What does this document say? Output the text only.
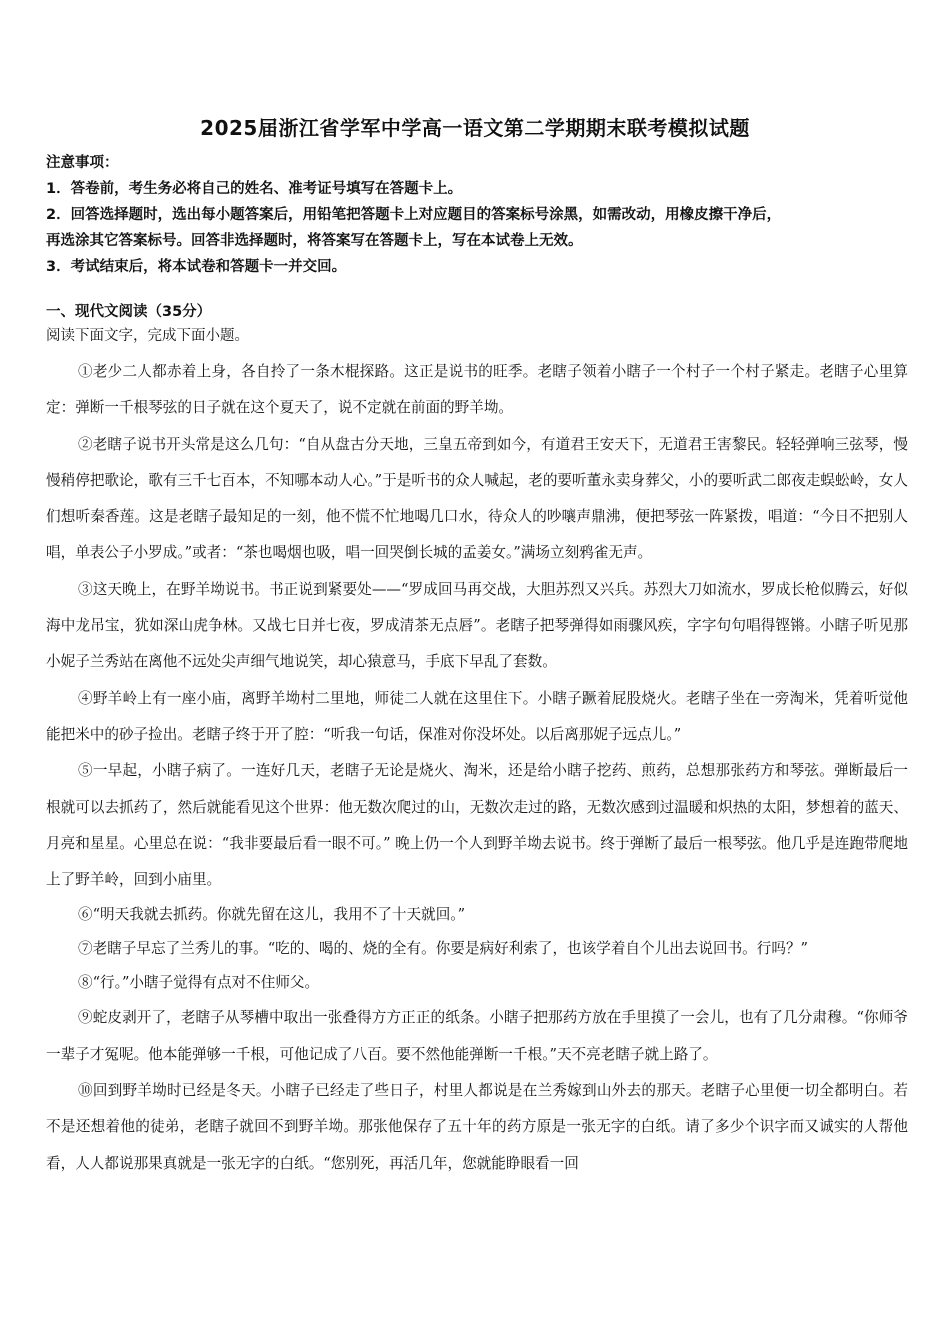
2025届浙江省学军中学高一语文第二学期期末联考模拟试题
注意事项：
1．答卷前，考生务必将自己的姓名、准考证号填写在答题卡上。
2．回答选择题时，选出每小题答案后，用铅笔把答题卡上对应题目的答案标号涂黑，如需改动，用橡皮擦干净后，
再选涂其它答案标号。回答非选择题时，将答案写在答题卡上，写在本试卷上无效。
3．考试结束后，将本试卷和答题卡一并交回。
一、现代文阅读（35分）
阅读下面文字，完成下面小题。

①老少二人都赤着上身，各自拎了一条木棍探路。这正是说书的旺季。老瞎子领着小瞎子一个村子一个村子紧走。老瞎子心里算定：弹断一千根琴弦的日子就在这个夏天了，说不定就在前面的野羊坳。

②老瞎子说书开头常是这么几句：“自从盘古分天地，三皇五帝到如今，有道君王安天下，无道君王害黎民。轻轻弹响三弦琴，慢慢稍停把歌论，歌有三千七百本，不知哪本动人心。”于是听书的众人喊起，老的要听董永卖身葬父，小的要听武二郎夜走蜈蚣岭，女人们想听秦香莲。这是老瞎子最知足的一刻，他不慌不忙地喝几口水，待众人的吵嚷声鼎沸，便把琴弦一阵紧拨，唱道：“今日不把别人唱，单表公子小罗成。”或者：“茶也喝烟也吸，唱一回哭倒长城的孟姜女。”满场立刻鸦雀无声。

③这天晚上，在野羊坳说书。书正说到紧要处——“罗成回马再交战，大胆苏烈又兴兵。苏烈大刀如流水，罗成长枪似腾云，好似海中龙吊宝，犹如深山虎争林。又战七日并七夜，罗成清茶无点唇”。老瞎子把琴弹得如雨骤风疾，字字句句唱得铿锵。小瞎子听见那小妮子兰秀站在离他不远处尖声细气地说笑，却心猿意马，手底下早乱了套数。

④野羊岭上有一座小庙，离野羊坳村二里地，师徒二人就在这里住下。小瞎子蹶着屁股烧火。老瞎子坐在一旁淘米，凭着听觉他能把米中的砂子捡出。老瞎子终于开了腔：“听我一句话，保准对你没坏处。以后离那妮子远点儿。”

⑤一早起，小瞎子病了。一连好几天，老瞎子无论是烧火、淘米，还是给小瞎子挖药、煎药，总想那张药方和琴弦。弹断最后一根就可以去抓药了，然后就能看见这个世界：他无数次爬过的山，无数次走过的路，无数次感到过温暖和炽热的太阳，梦想着的蓝天、月亮和星星。心里总在说：“我非要最后看一眼不可。” 晚上仍一个人到野羊坳去说书。终于弹断了最后一根琴弦。他几乎是连跑带爬地上了野羊岭，回到小庙里。

⑥“明天我就去抓药。你就先留在这儿，我用不了十天就回。”

⑦老瞎子早忘了兰秀儿的事。“吃的、喝的、烧的全有。你要是病好利索了，也该学着自个儿出去说回书。行吗？”

⑧“行。”小瞎子觉得有点对不住师父。

⑨蛇皮剥开了，老瞎子从琴槽中取出一张叠得方方正正的纸条。小瞎子把那药方放在手里摸了一会儿，也有了几分肃穆。“你师爷一辈子才冤呢。他本能弹够一千根，可他记成了八百。要不然他能弹断一千根。”天不亮老瞎子就上路了。

⑩回到野羊坳时已经是冬天。小瞎子已经走了些日子，村里人都说是在兰秀嫁到山外去的那天。老瞎子心里便一切全都明白。若不是还想着他的徒弟，老瞎子就回不到野羊坳。那张他保存了五十年的药方原是一张无字的白纸。请了多少个识字而又诚实的人帮他看，人人都说那果真就是一张无字的白纸。“您别死，再活几年，您就能睁眼看一回
